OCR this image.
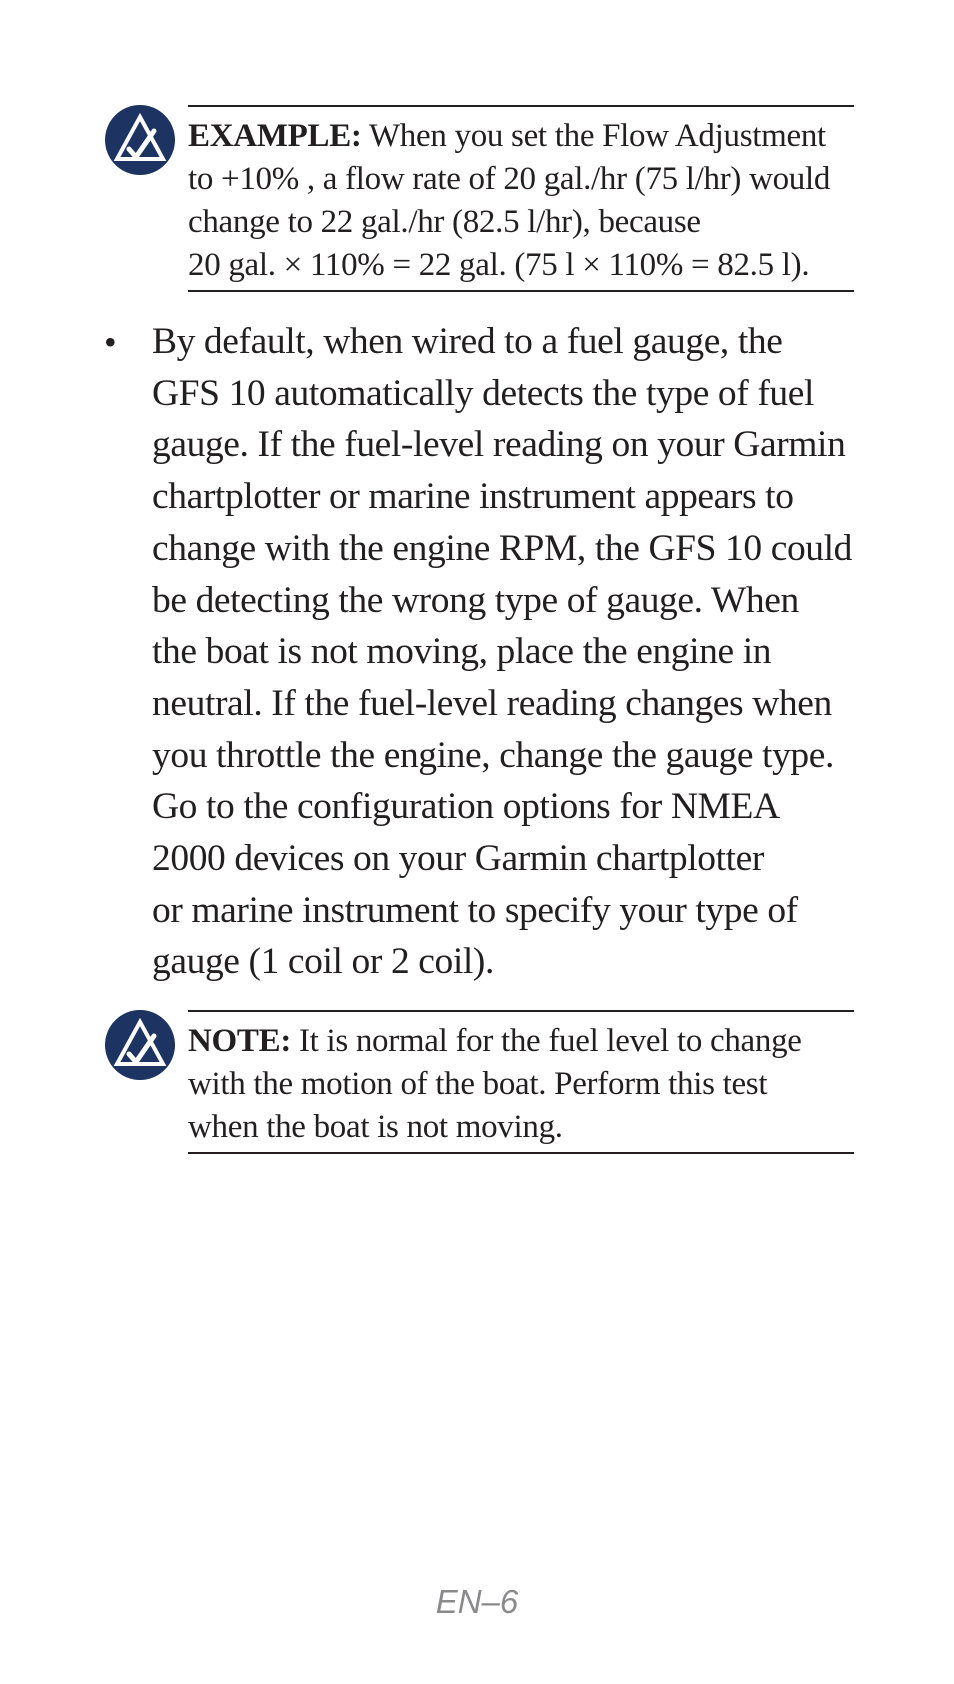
EXAMPLE: When you set the Flow Adjustment
to +10% , a flow rate of 20 gal./hr (75 l/hr) would
change to 22 gal./hr (82.5 l/hr), because
20 gal. × 110% = 22 gal. (75 l × 110% = 82.5 l).
• By default, when wired to a fuel gauge, the
GFS 10 automatically detects the type of fuel
gauge. If the fuel-level reading on your Garmin
chartplotter or marine instrument appears to
change with the engine RPM, the GFS 10 could
be detecting the wrong type of gauge. When
the boat is not moving, place the engine in
neutral. If the fuel-level reading changes when
you throttle the engine, change the gauge type.
Go to the configuration options for NMEA
2000 devices on your Garmin chartplotter
or marine instrument to specify your type of
gauge (1 coil or 2 coil).
NOTE: It is normal for the fuel level to change
with the motion of the boat. Perform this test
when the boat is not moving.
EN–6
